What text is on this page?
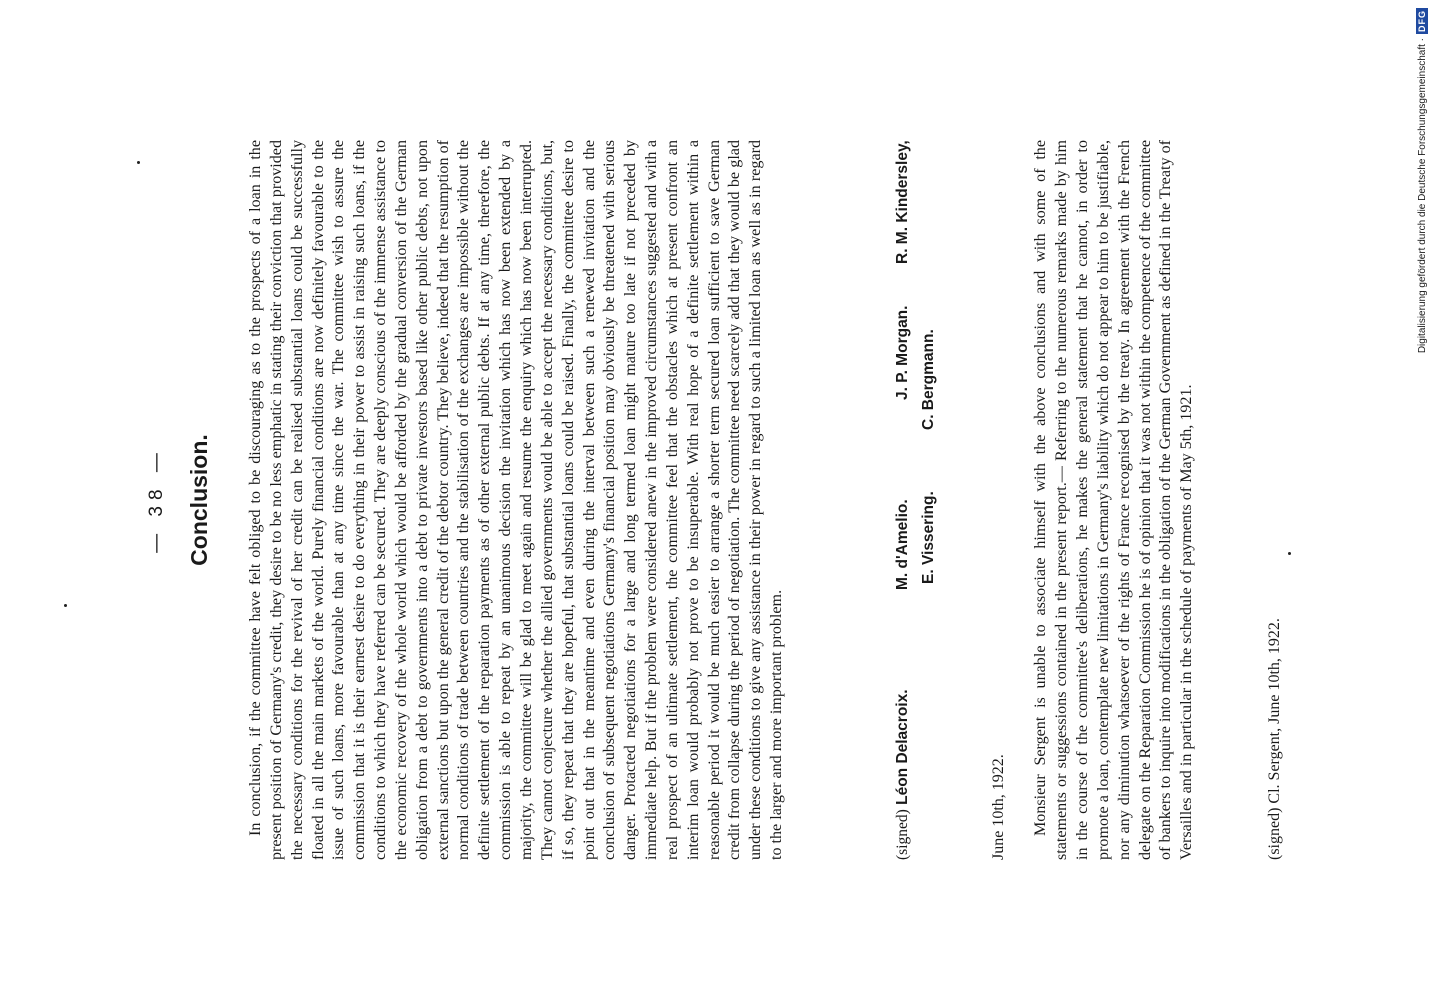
— 38 — Conclusion.	In conclusion, if the committee have felt obliged to be discouraging as to the prospects of a loan in the present position of Germany's credit, they desire to be no less emphatic in stating their conviction that provided the necessary conditions for the revival of her credit can be realised substantial loans could be successfully floated in all the main markets of the world. Purely financial conditions are now definitely favourable to the issue of such loans, more favourable than at any time since the war. The committee wish to assure the commission that it is their earnest desire to do everything in their power to assist in raising such loans, if the conditions to which they have referred can be secured. They are deeply conscious of the immense assistance to the economic recovery of the whole world which would be afforded by the gradual conversion of the German obligation from a debt to governments into a debt to private investors based like other public debts, not upon external sanctions but upon the general credit of the debtor country. They believe, indeed that the resumption of normal conditions of trade between countries and the stabilisation of the exchanges are impossible without the definite settlement of the reparation payments as of other external public debts. If at any time, therefore, the commission is able to repeat by an unanimous decision the invitation which has now been extended by a majority, the committee will be glad to meet again and resume the enquiry which has now been interrupted. They cannot conjecture whether the allied governments would be able to accept the necessary conditions, but, if so, they repeat that they are hopeful, that substantial loans could be raised. Finally, the committee desire to point out that in the meantime and even during the interval between such a renewed invitation and the conclusion of subsequent negotiations Germany's financial position may obviously be threatened with serious danger. Protacted negotiations for a large and long termed loan might mature too late if not preceded by immediate help. But if the problem were considered anew in the improved circumstances suggested and with a real prospect of an ultimate settlement, the committee feel that the obstacles which at present confront an interim loan would probably not prove to be insuperable. With real hope of a definite settlement within a reasonable period it would be much easier to arrange a shorter term secured loan sufficient to save German credit from collapse during the period of negotiation. The committee need scarcely add that they would be glad under these conditions to give any assistance in their power in regard to such a limited loan as well as in regard to the larger and more important problem.	(signed) Léon Delacroix.
M. d'Amelio.
J. P. Morgan.
R. M. Kindersley,
E. Vissering.
C. Bergmann.
June 10th, 1922. Monsieur Sergent is unable to associate himself with the above conclusions and with some of the statements or suggessions contained in the present report.— Referring to the numerous remarks made by him in the course of the committee's deliberations, he makes the general statement that he cannot, in order to promote a loan, contemplate new limitations in Germany's liability which do not appear to him to be justifiable, nor any diminution whatsoever of the rights of France recognised by the treaty. In agreement with the French delegate on the Reparation Commission he is of opinion that it was not within the competence of the committee of bankers to inquire into modifications in the obligation of the German Government as defined in the Treaty of Versailles and in particular in the schedule of payments of May 5th, 1921.	(signed) Cl. Sergent, June 10th, 1922.
Digitalisierung gefördert durch die Deutsche Forschungsgemeinschaft ·
DFG
